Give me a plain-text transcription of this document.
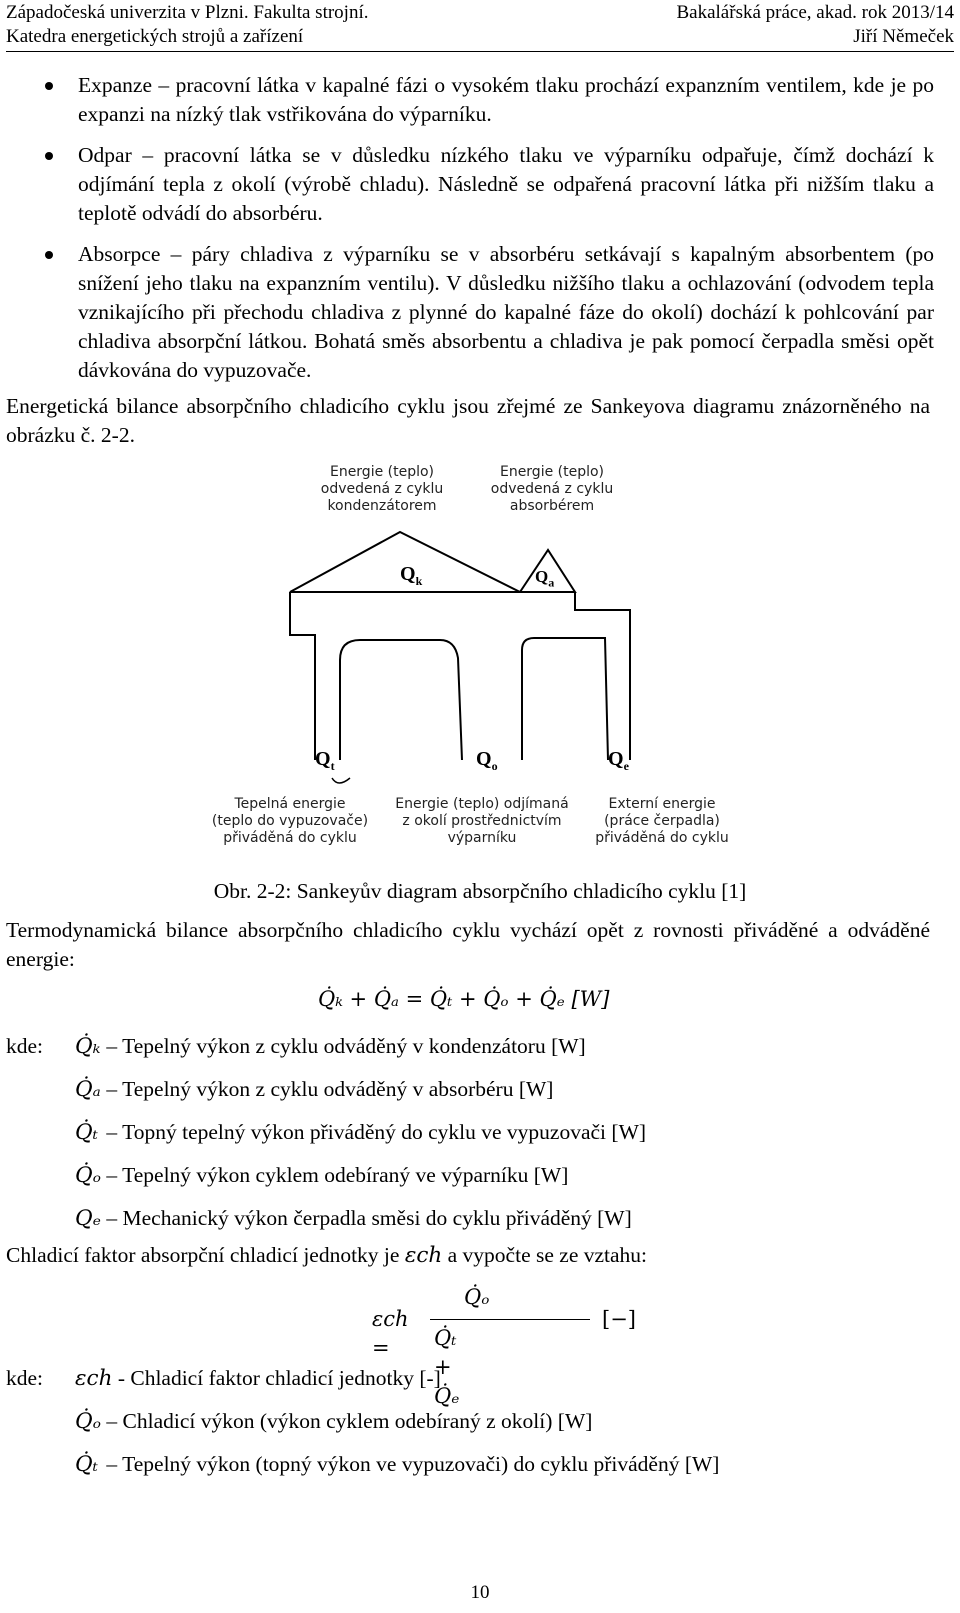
Západočeská univerzita v Plzni. Fakulta strojní.	Bakalářská práce, akad. rok 2013/14
Katedra energetických strojů a zařízení	Jiří Němeček

Expanze – pracovní látka v kapalné fázi o vysokém tlaku prochází expanzním ventilem, kde je po expanzi na nízký tlak vstřikována do výparníku.

Odpar – pracovní látka se v důsledku nízkého tlaku ve výparníku odpařuje, čímž dochází k odjímání tepla z okolí (výrobě chladu). Následně se odpařená pracovní látka při nižším tlaku a teplotě odvádí do absorbéru.

Absorpce – páry chladiva z výparníku se v absorbéru setkávají s kapalným absorbentem (po snížení jeho tlaku na expanzním ventilu). V důsledku nižšího tlaku a ochlazování (odvodem tepla vznikajícího při přechodu chladiva z plynné do kapalné fáze do okolí) dochází k pohlcování par chladiva absorpční látkou. Bohatá směs absorbentu a chladiva je pak pomocí čerpadla směsi opět dávkována do vypuzovače.

Energetická bilance absorpčního chladicího cyklu jsou zřejmé ze Sankeyova diagramu znázorněného na obrázku č. 2-2.

Energie (teplo)
odvedená z cyklu
kondenzátorem
Energie (teplo)
odvedená z cyklu
absorbérem
$Q_k$	$Q_a$
$Q_t$	$Q_o$	$Q_e$
Tepelná energie
(teplo do vypuzovače)
přiváděná do cyklu
Energie (teplo) odjímaná
z okolí prostřednictvím
výparníku
Externí energie
(práce čerpadla)
přiváděná do cyklu
Obr. 2-2: Sankeyův diagram absorpčního chladicího cyklu [1]

Termodynamická bilance absorpčního chladicího cyklu vychází opět z rovnosti přiváděné a odváděné energie:

Q̇ₖ + Q̇ₐ = Q̇ₜ + Q̇ₒ + Q̇ₑ [W]
kde: Q̇ₖ – Tepelný výkon z cyklu odváděný v kondenzátoru [W]
Q̇ₐ – Tepelný výkon z cyklu odváděný v absorbéru [W]
Q̇ₜ – Topný tepelný výkon přiváděný do cyklu ve vypuzovači [W]
Q̇ₒ – Tepelný výkon cyklem odebíraný ve výparníku [W]
Qₑ – Mechanický výkon čerpadla směsi do cyklu přiváděný [W]

Chladicí faktor absorpční chladicí jednotky je εch a vypočte se ze vztahu:

εch =
Q̇ₒ
Q̇ₜ + Q̇ₑ
[−]
kde: εch - Chladicí faktor chladicí jednotky [-]
Q̇ₒ – Chladicí výkon (výkon cyklem odebíraný z okolí) [W]
Q̇ₜ – Tepelný výkon (topný výkon ve vypuzovači) do cyklu přiváděný [W]
10
